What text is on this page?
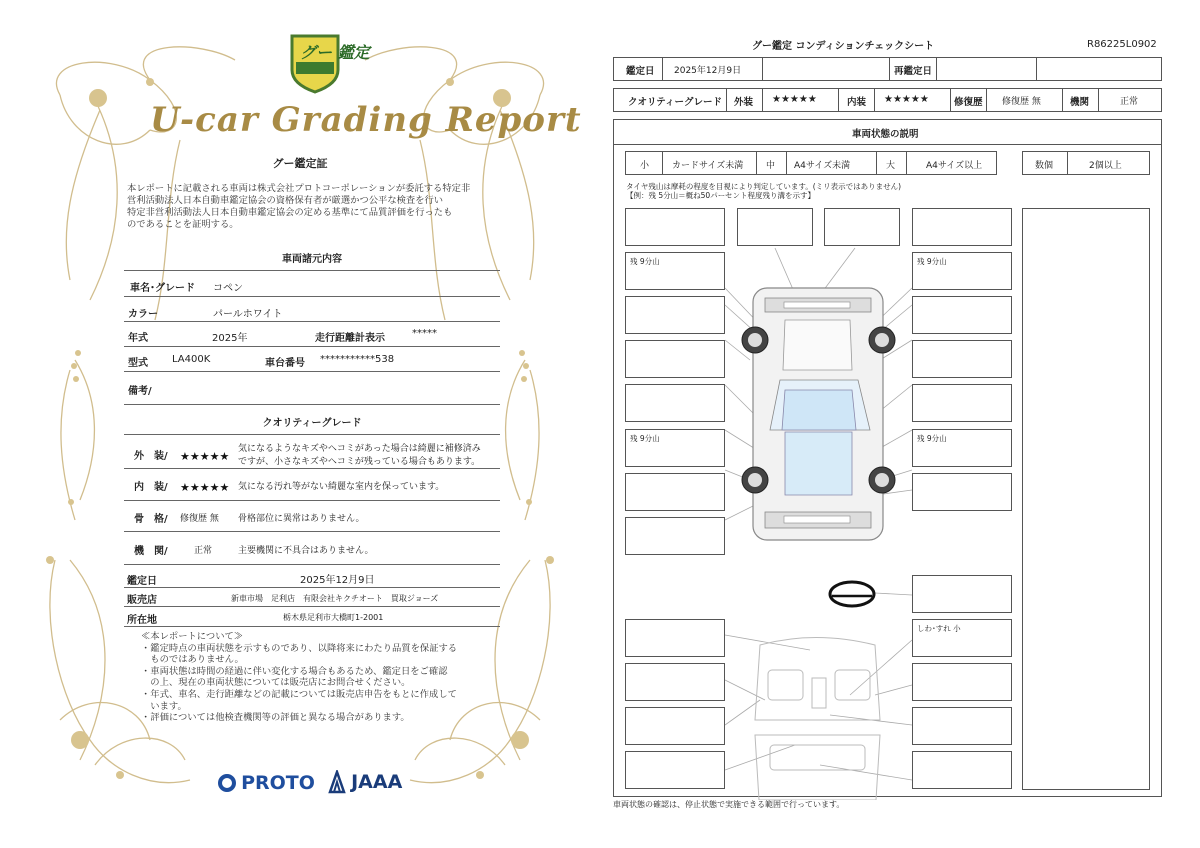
グー 鑑定
U-car Grading Report
グー鑑定証
本レポートに記載される車両は株式会社プロトコーポレーションが委託する特定非
営利活動法人日本自動車鑑定協会の資格保有者が厳選かつ公平な検査を行い
特定非営利活動法人日本自動車鑑定協会の定める基準にて品質評価を行ったも
のであることを証明する。
車両諸元内容
車名･グレード コペン
カラー	パールホワイト
年式	2025年	走行距離計表示	*****
型式 LA400K	車台番号 ***********538
備考/
クオリティーグレード
外　装/ ★★★★★
気になるようなキズやヘコミがあった場合は綺麗に補修済み
ですが、小さなキズやヘコミが残っている場合もあります。
内　装/ ★★★★★ 気になる汚れ等がない綺麗な室内を保っています。
骨　格/ 修復歴 無 骨格部位に異常はありません。
機　関/	正常	主要機関に不具合はありません。
鑑定日	2025年12月9日
販売店	新車市場　足利店　有限会社キクチオート　買取ジョーズ
所在地	栃木県足利市大橋町1-2001
≪本レポートについて≫
・鑑定時点の車両状態を示すものであり、以降将来にわたり品質を保証する
　ものではありません。
・車両状態は時間の経過に伴い変化する場合もあるため、鑑定日をご確認
　の上、現在の車両状態については販売店にお問合せください。
・年式、車名、走行距離などの記載については販売店申告をもとに作成して
　います。
・評価については他検査機関等の評価と異なる場合があります。
PROTO	JAAA
グー鑑定 コンディションチェックシート	R86225L0902
鑑定日 2025年12月9日	再鑑定日
クオリティーグレード 外装 ★★★★★	内装 ★★★★★	修復歴 修復歴 無	機関	正常
車両状態の説明
小	カードサイズ未満	中 A4サイズ未満	大	A4サイズ以上	数個	2個以上
タイヤ残山は摩耗の程度を目視により判定しています。(ミリ表示ではありません)
【例：残 5分山＝概ね50パーセント程度残り溝を示す】
残 9分山
残 9分山
残 9分山
残 9分山
しわ･すれ 小
車両状態の確認は、停止状態で実施できる範囲で行っています。
